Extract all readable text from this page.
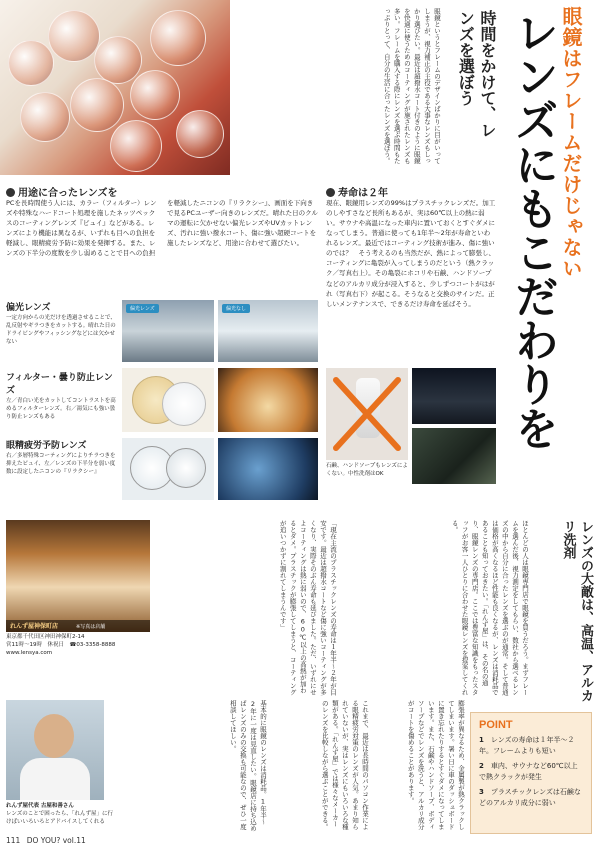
眼鏡というとフレームのデザインばかりに目がいってしまうが、視力補正の主役である大事なレンズもしっかり選びたい。最近は超撥水コート付きのように眼鏡を快適に使うためのコーティングが施されたレンズも多い。フレームを購入する際にレンズを選ぶ時間もたっぷりとって、自分の生活に合ったレンズを選ぼう。	時間をかけて、レンズを選ぼう	眼鏡はフレームだけじゃない
レンズにもこだわりを
用途に合ったレンズを
PCを長時間使う人には、カラー（フィルター）レンズや特殊なハードコート処理を施したネッツペックスのコーティングレンズ『ピュイ』などがある。レンズにより機能は異なるが、いずれも目への負担を軽減し、眼精疲労予防に効果を発揮する。また、レンズの下半分の度数を少し弱めることで目への負担を軽減したニコンの『リラクシー』、画面を下向きで見るPCユーザー向きのレンズだ。晴れた日のクルマの運転に欠かせない偏光レンズやUVカットレンズ、汚れに強い撥水コート、傷に強い超硬コートを施したレンズなど、用途に合わせて選びたい。
偏光レンズ
一定方向からの光だけを透過させることで、乱反射やギラつきをカットする。晴れた日のドライビングやフィッシングなどには欠かせない
偏光レンズ	偏光なし
フィルター・曇り防止レンズ
左／青白い光をカットしてコントラストを高めるフィルターレンズ。右／湯気にも強い曇り防止レンズもある
眼精疲労予防レンズ
右／多層特殊コーティングによりチラつきを抑えたピュイ、左／レンズの下半分を弱い度数に設定したニコンの『リラクシー』
寿命は２年
現在、眼鏡用レンズの99%はプラスチックレンズだ。加工のしやすさなど長所もあるが、実は60℃以上の熱に弱い。サウナや高温になった車内に置いておくとすぐダメになってしまう。普通に使っても1年半〜2年が寿命といわれるレンズ。最近ではコーティング技術が進み、傷に強いのでは？　そう考えるのも当然だが、熱によって膨張し、コーティングに亀裂が入ってしまうのだという（熱クラック／写真右上）。その亀裂にホコリや石鹸、ハンドソープなどのアルカリ成分が浸入すると、少しずつコートがはがれ（写真右下）が起こる。そうなると交換のサインだ。正しいメンテナンスで、できるだけ寿命を延ばそう。
石鹸、ハンドソープもレンズによくない。中性洗剤はOK
れんず屋神保町店	※写真は店舗
東京都千代田区神田神保町2-14
営11時〜19時　 休祝日　 ☎03-3358-8888
www.lensya.com	「現在主流のプラスチックレンズの寿命は１年半〜２年が目安です。最近は超撥水コートなど傷に強いコーティングが多くなり、実際そのぶん寿命も延びました。ただ、いずれにせよコーティングは熱に弱いので、60℃以上の高熱が加わるとダメ。プラスチックが膨張してしまうと、コーティングが追いつかずに割れてしまうんです」	ほとんどの人は眼鏡専門店で眼鏡を買うだろう。まずフレームを選んだ後、視力測定をしてもらい、数社から選べるレンズの中から自分に合ったレンズを選ぶのが通常。そして普通は価格が高くなるほど性能も良くなるが、レンズは消耗品であることも知っておきたい。「れんず屋」は、その名の通り、眼鏡レンズの専門店。ここでは豊富な知識をもったスタッフがお客一人ひとりに合わせた眼鏡レンズを提案してくれる。	レンズの大敵は、高温、アルカリ洗剤
れんず屋代表 古屋和善さん
レンズのことで困ったら、「れんず屋」に行けばいいろいろとアドバイスしてくれる	基本的に眼鏡のレンズは消耗品。1年半〜2年に一度は見直したい。眼鏡店に持ち込めばレンズのみの交換も可能なので、ぜひ一度相談してほしい。	これまで、最近は長時間のパソコン作業による眼精疲労対策のレンズが人気。あまり知られていないが、実はレンズにもいろいろな種類がある。「れんず屋」では様々なメーカーのレンズを比較しながら選ぶことができる。	膨張率が異なるため、金属製が熱クラックしてしまいます。暑い日に車のダッシュボードに置き忘れたりするとすぐダメになってしまいます。また、石鹸やハンドソープ、ボディソープなどでレンズを洗うと、アルカリ成分がコートを傷めることがあります。	POINT
1　 レンズの寿命は１年半〜２年。フレームよりも短い
2　 車内、サウナなど60℃以上で熱クラックが発生
3　 プラスチックレンズは石鹸などのアルカリ成分に弱い
111 DO YOU? vol.11
